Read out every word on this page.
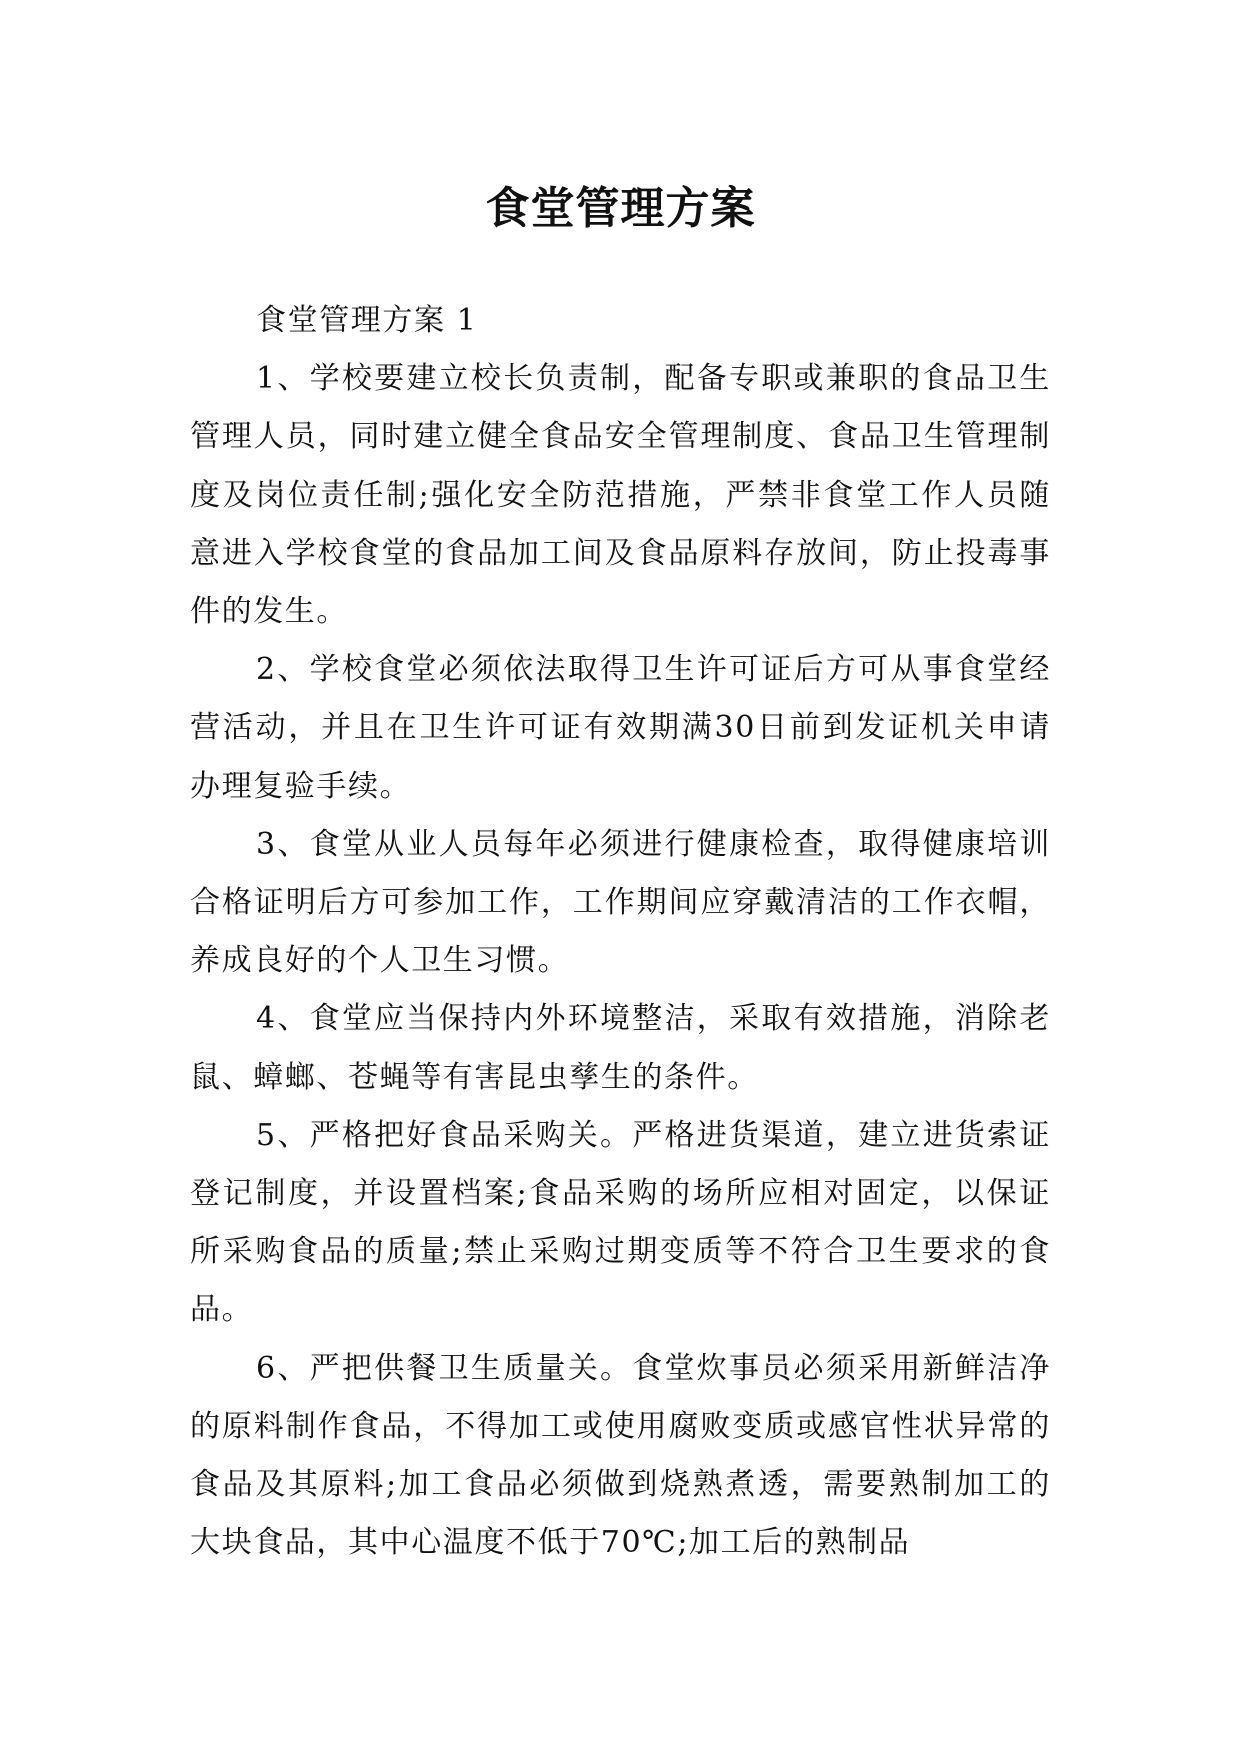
食堂管理方案

食堂管理方案 1

1、学校要建立校长负责制，配备专职或兼职的食品卫生管理人员，同时建立健全食品安全管理制度、食品卫生管理制度及岗位责任制;强化安全防范措施，严禁非食堂工作人员随意进入学校食堂的食品加工间及食品原料存放间，防止投毒事件的发生。

2、学校食堂必须依法取得卫生许可证后方可从事食堂经营活动，并且在卫生许可证有效期满30日前到发证机关申请办理复验手续。

3、食堂从业人员每年必须进行健康检查，取得健康培训合格证明后方可参加工作，工作期间应穿戴清洁的工作衣帽，养成良好的个人卫生习惯。

4、食堂应当保持内外环境整洁，采取有效措施，消除老鼠、蟑螂、苍蝇等有害昆虫孳生的条件。

5、严格把好食品采购关。严格进货渠道，建立进货索证登记制度，并设置档案;食品采购的场所应相对固定，以保证所采购食品的质量;禁止采购过期变质等不符合卫生要求的食品。

6、严把供餐卫生质量关。食堂炊事员必须采用新鲜洁净的原料制作食品，不得加工或使用腐败变质或感官性状异常的食品及其原料;加工食品必须做到烧熟煮透，需要熟制加工的大块食品，其中心温度不低于70℃;加工后的熟制品
